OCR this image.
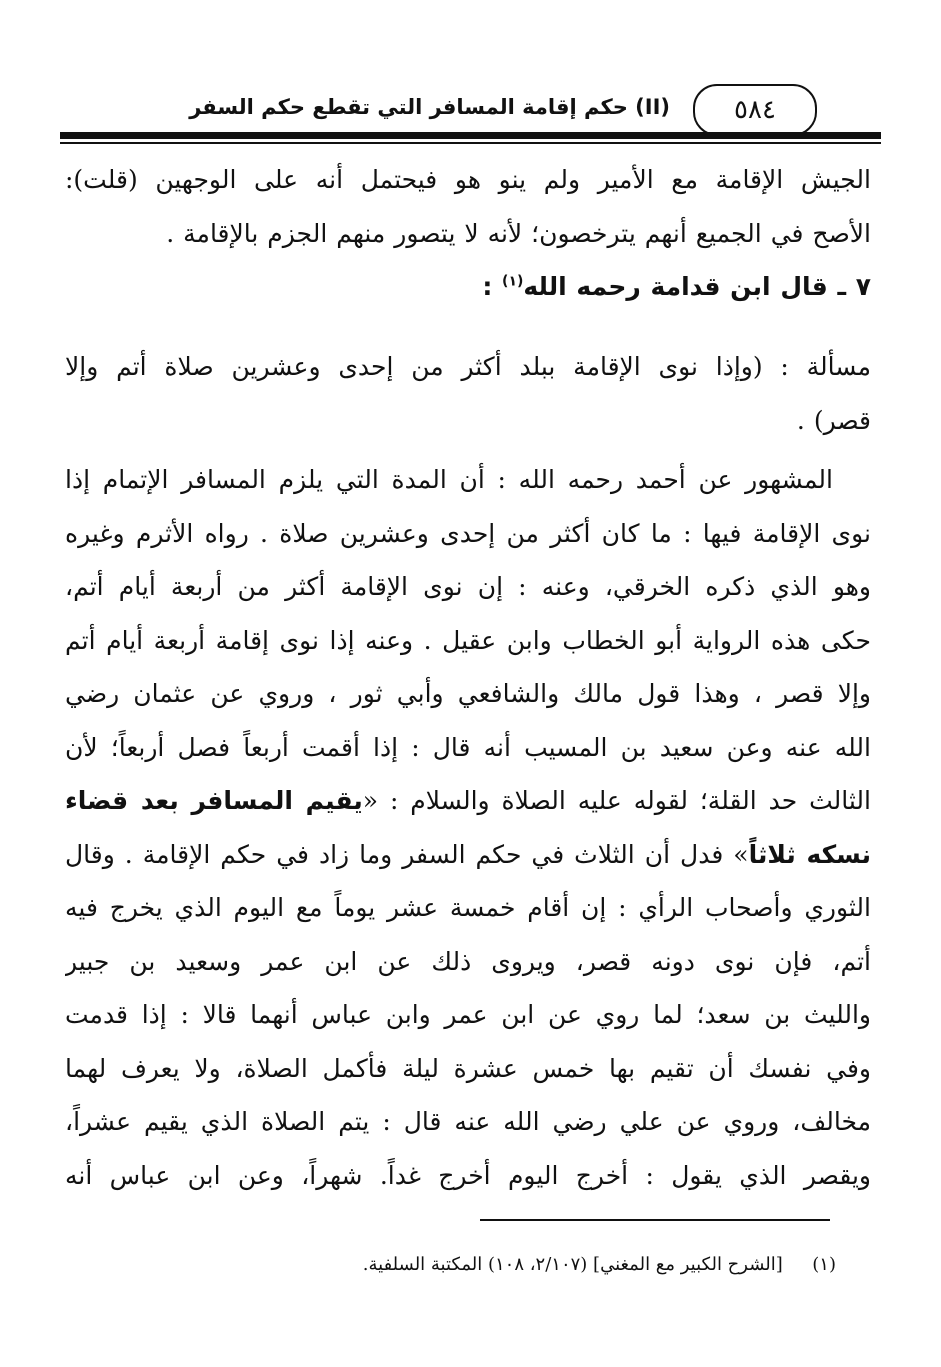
(II) حكم إقامة المسافر التي تقطع حكم السفر	٥٨٤
الجيش الإقامة مع الأمير ولم ينو هو فيحتمل أنه على الوجهين (قلت):
الأصح في الجميع أنهم يترخصون؛ لأنه لا يتصور منهم الجزم بالإقامة .
٧ ـ قال ابن قدامة رحمه الله$^{(١)}$ :
مسألة : (وإذا نوى الإقامة ببلد أكثر من إحدى وعشرين صلاة أتم وإلا
قصر) .
المشهور عن أحمد رحمه الله : أن المدة التي يلزم المسافر الإتمام إذا
نوى الإقامة فيها : ما كان أكثر من إحدى وعشرين صلاة . رواه الأثرم وغيره
وهو الذي ذكره الخرقي، وعنه : إن نوى الإقامة أكثر من أربعة أيام أتم،
حكى هذه الرواية أبو الخطاب وابن عقيل . وعنه إذا نوى إقامة أربعة أيام أتم
وإلا قصر ، وهذا قول مالك والشافعي وأبي ثور ، وروي عن عثمان رضي
الله عنه وعن سعيد بن المسيب أنه قال : إذا أقمت أربعاً فصل أربعاً؛ لأن
الثالث حد القلة؛ لقوله عليه الصلاة والسلام : «يقيم المسافر بعد قضاء
نسكه ثلاثاً» فدل أن الثلاث في حكم السفر وما زاد في حكم الإقامة . وقال
الثوري وأصحاب الرأي : إن أقام خمسة عشر يوماً مع اليوم الذي يخرج فيه
أتم، فإن نوى دونه قصر، ويروى ذلك عن ابن عمر وسعيد بن جبير
والليث بن سعد؛ لما روي عن ابن عمر وابن عباس أنهما قالا : إذا قدمت
وفي نفسك أن تقيم بها خمس عشرة ليلة فأكمل الصلاة، ولا يعرف لهما
مخالف، وروي عن علي رضي الله عنه قال : يتم الصلاة الذي يقيم عشراً،
ويقصر الذي يقول : أخرج اليوم أخرج غداً. شهراً، وعن ابن عباس أنه
(١)  [الشرح الكبير مع المغني] (٢/١٠٧، ١٠٨) المكتبة السلفية.
